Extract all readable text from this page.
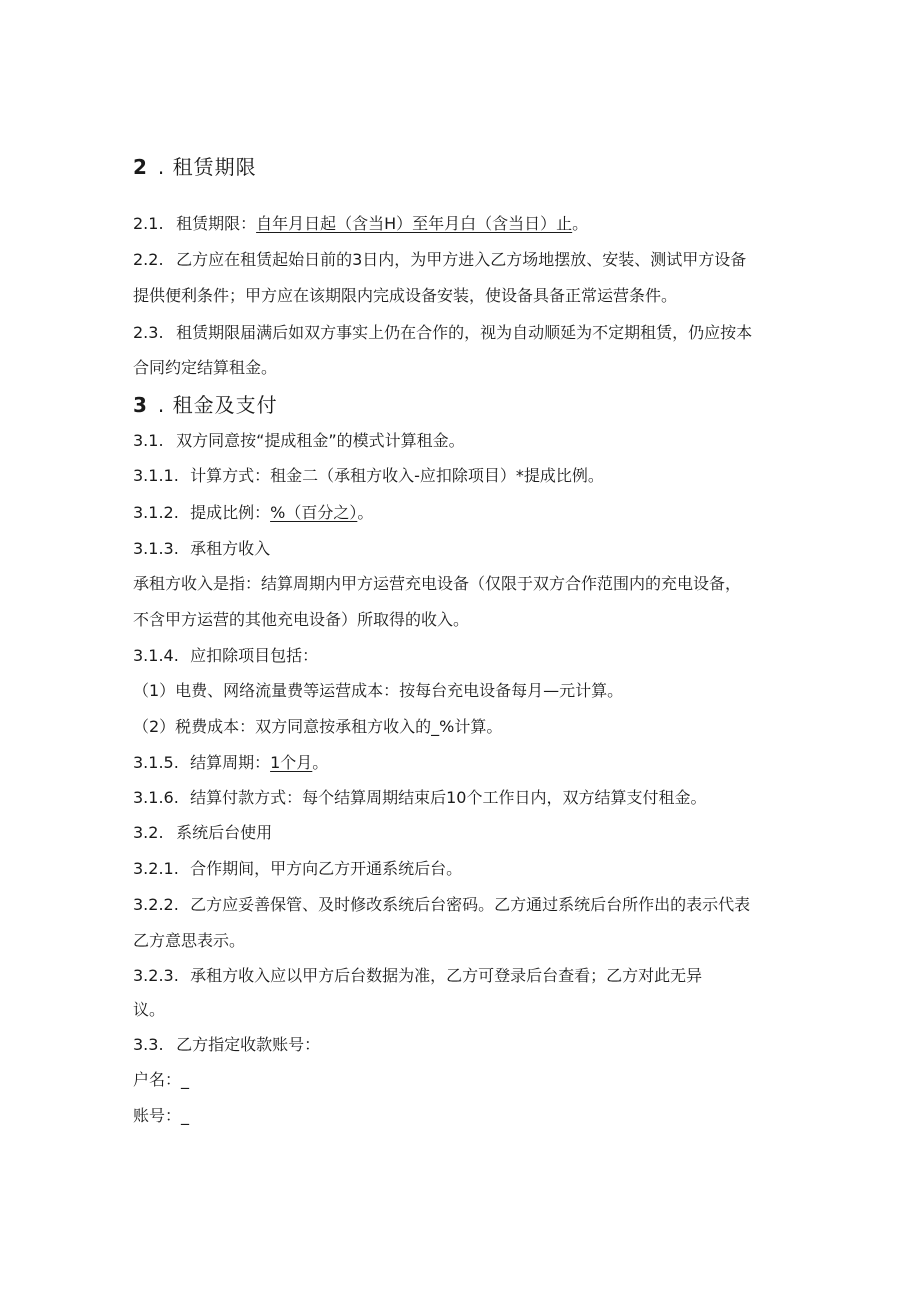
2 . 租赁期限
2.1. 租赁期限：自年月日起（含当H）至年月白（含当日）止。
2.2. 乙方应在租赁起始日前的3日内，为甲方进入乙方场地摆放、安装、测试甲方设备
提供便利条件；甲方应在该期限内完成设备安装，使设备具备正常运营条件。
2.3. 租赁期限届满后如双方事实上仍在合作的，视为自动顺延为不定期租赁，仍应按本
合同约定结算租金。
3 . 租金及支付
3.1. 双方同意按“提成租金”的模式计算租金。
3.1.1. 计算方式：租金二（承租方收入-应扣除项目）*提成比例。
3.1.2. 提成比例：%（百分之）。
3.1.3. 承租方收入
承租方收入是指：结算周期内甲方运营充电设备（仅限于双方合作范围内的充电设备，
不含甲方运营的其他充电设备）所取得的收入。
3.1.4. 应扣除项目包括：
（1）电费、网络流量费等运营成本：按每台充电设备每月—元计算。
（2）税费成本：双方同意按承租方收入的_%计算。
3.1.5. 结算周期：1个月。
3.1.6. 结算付款方式：每个结算周期结束后10个工作日内，双方结算支付租金。
3.2. 系统后台使用
3.2.1. 合作期间，甲方向乙方开通系统后台。
3.2.2. 乙方应妥善保管、及时修改系统后台密码。乙方通过系统后台所作出的表示代表
乙方意思表示。
3.2.3. 承租方收入应以甲方后台数据为准，乙方可登录后台查看；乙方对此无异
议。
3.3. 乙方指定收款账号：
户名：_
账号：_
